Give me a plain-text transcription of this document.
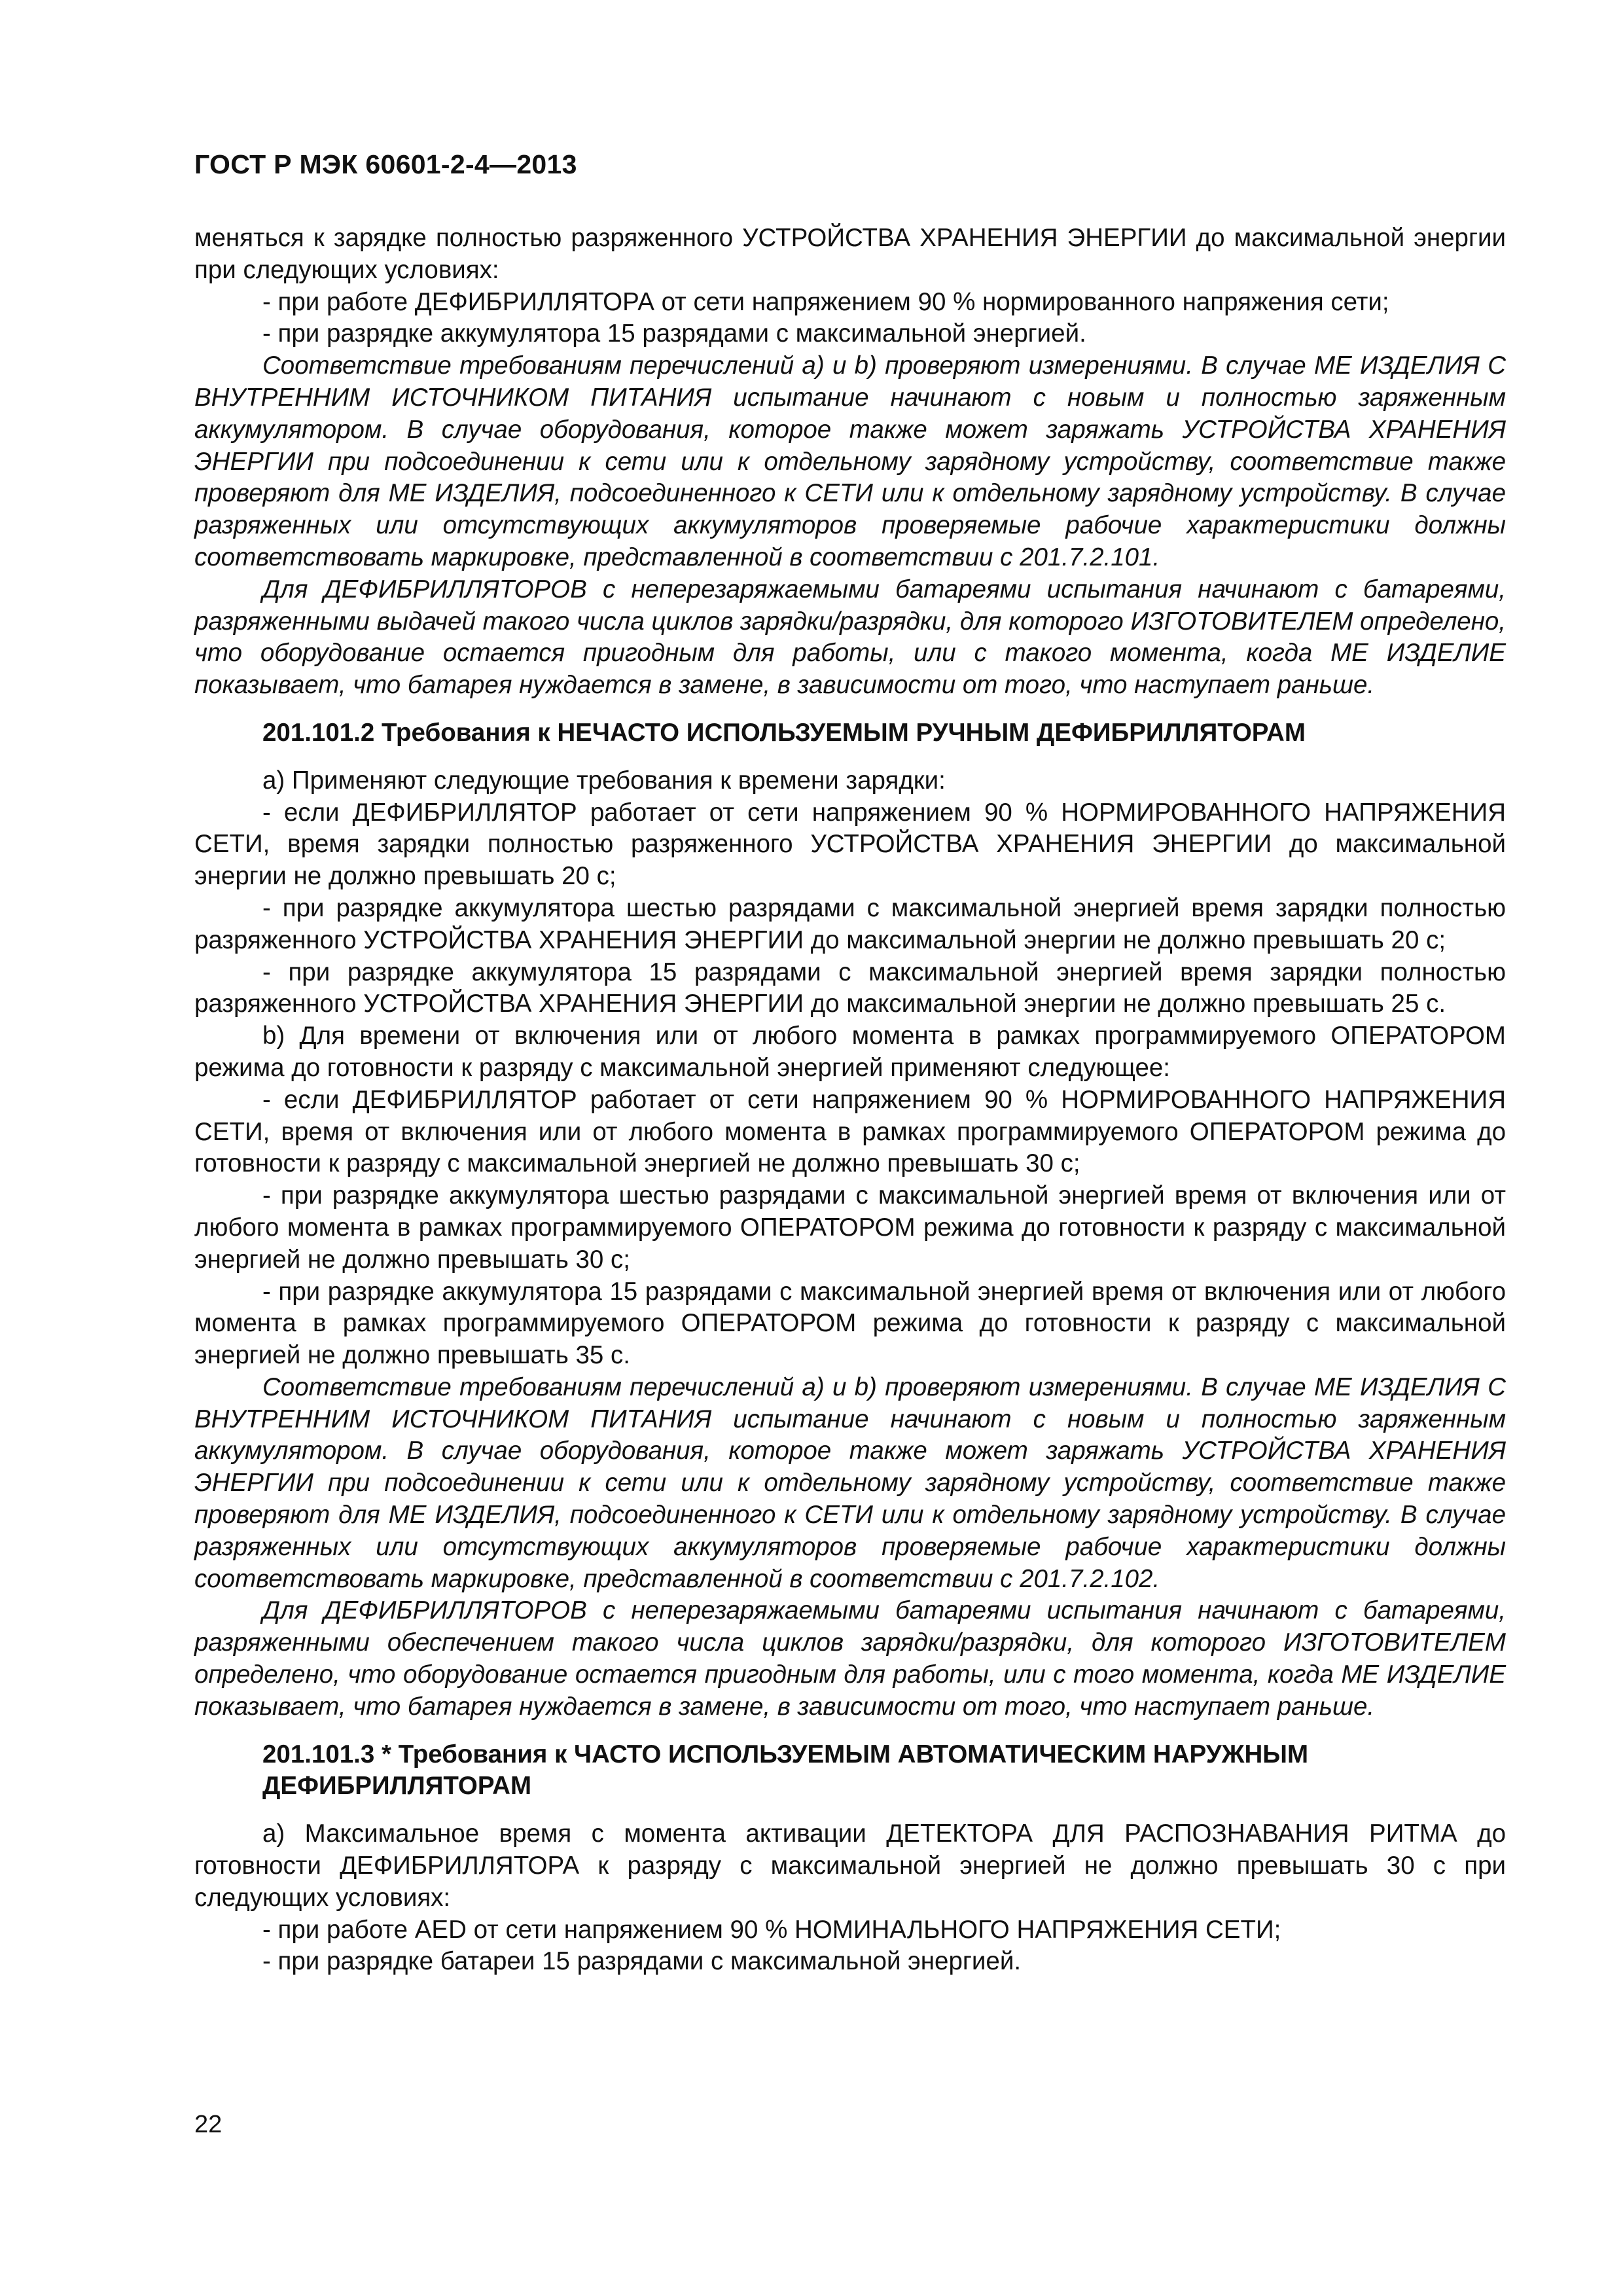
ГОСТ Р МЭК 60601-2-4—2013

меняться к зарядке полностью разряженного УСТРОЙСТВА ХРАНЕНИЯ ЭНЕРГИИ до максимальной энергии при следующих условиях:

- при работе ДЕФИБРИЛЛЯТОРА от сети напряжением 90 % нормированного напряжения сети;

- при разрядке аккумулятора 15 разрядами с максимальной энергией.

Соответствие требованиям перечислений a) и b) проверяют измерениями. В случае МЕ ИЗДЕЛИЯ С ВНУТРЕННИМ ИСТОЧНИКОМ ПИТАНИЯ испытание начинают с новым и полностью заряженным аккумулятором. В случае оборудования, которое также может заряжать УСТРОЙСТВА ХРАНЕНИЯ ЭНЕРГИИ при подсоединении к сети или к отдельному зарядному устройству, соответствие также проверяют для МЕ ИЗДЕЛИЯ, подсоединенного к СЕТИ или к отдельному зарядному устройству. В случае разряженных или отсутствующих аккумуляторов проверяемые рабочие характеристики должны соответствовать маркировке, представленной в соответствии с 201.7.2.101.

Для ДЕФИБРИЛЛЯТОРОВ с неперезаряжаемыми батареями испытания начинают с батареями, разряженными выдачей такого числа циклов зарядки/разрядки, для которого ИЗГОТОВИТЕЛЕМ определено, что оборудование остается пригодным для работы, или с такого момента, когда МЕ ИЗДЕЛИЕ показывает, что батарея нуждается в замене, в зависимости от того, что наступает раньше.

201.101.2 Требования к НЕЧАСТО ИСПОЛЬЗУЕМЫМ РУЧНЫМ ДЕФИБРИЛЛЯТОРАМ

a) Применяют следующие требования к времени зарядки:

- если ДЕФИБРИЛЛЯТОР работает от сети напряжением 90 % НОРМИРОВАННОГО НАПРЯЖЕНИЯ СЕТИ, время зарядки полностью разряженного УСТРОЙСТВА ХРАНЕНИЯ ЭНЕРГИИ до максимальной энергии не должно превышать 20 с;

- при разрядке аккумулятора шестью разрядами с максимальной энергией время зарядки полностью разряженного УСТРОЙСТВА ХРАНЕНИЯ ЭНЕРГИИ до максимальной энергии не должно превышать 20 с;

- при разрядке аккумулятора 15 разрядами с максимальной энергией время зарядки полностью разряженного УСТРОЙСТВА ХРАНЕНИЯ ЭНЕРГИИ до максимальной энергии не должно превышать 25 с.

b) Для времени от включения или от любого момента в рамках программируемого ОПЕРАТОРОМ режима до готовности к разряду с максимальной энергией применяют следующее:

- если ДЕФИБРИЛЛЯТОР работает от сети напряжением 90 % НОРМИРОВАННОГО НАПРЯЖЕНИЯ СЕТИ, время от включения или от любого момента в рамках программируемого ОПЕРАТОРОМ режима до готовности к разряду с максимальной энергией не должно превышать 30 с;

- при разрядке аккумулятора шестью разрядами с максимальной энергией время от включения или от любого момента в рамках программируемого ОПЕРАТОРОМ режима до готовности к разряду с максимальной энергией не должно превышать 30 с;

- при разрядке аккумулятора 15 разрядами с максимальной энергией время от включения или от любого момента в рамках программируемого ОПЕРАТОРОМ режима до готовности к разряду с максимальной энергией не должно превышать 35 с.

Соответствие требованиям перечислений a) и b) проверяют измерениями. В случае МЕ ИЗДЕЛИЯ С ВНУТРЕННИМ ИСТОЧНИКОМ ПИТАНИЯ испытание начинают с новым и полностью заряженным аккумулятором. В случае оборудования, которое также может заряжать УСТРОЙСТВА ХРАНЕНИЯ ЭНЕРГИИ при подсоединении к сети или к отдельному зарядному устройству, соответствие также проверяют для МЕ ИЗДЕЛИЯ, подсоединенного к СЕТИ или к отдельному зарядному устройству. В случае разряженных или отсутствующих аккумуляторов проверяемые рабочие характеристики должны соответствовать маркировке, представленной в соответствии с 201.7.2.102.

Для ДЕФИБРИЛЛЯТОРОВ с неперезаряжаемыми батареями испытания начинают с батареями, разряженными обеспечением такого числа циклов зарядки/разрядки, для которого ИЗГОТОВИТЕЛЕМ определено, что оборудование остается пригодным для работы, или с того момента, когда МЕ ИЗДЕЛИЕ показывает, что батарея нуждается в замене, в зависимости от того, что наступает раньше.

201.101.3 * Требования к ЧАСТО ИСПОЛЬЗУЕМЫМ АВТОМАТИЧЕСКИМ НАРУЖНЫМ ДЕФИБРИЛЛЯТОРАМ

a) Максимальное время с момента активации ДЕТЕКТОРА ДЛЯ РАСПОЗНАВАНИЯ РИТМА до готовности ДЕФИБРИЛЛЯТОРА к разряду с максимальной энергией не должно превышать 30 с при следующих условиях:

- при работе AED от сети напряжением 90 % НОМИНАЛЬНОГО НАПРЯЖЕНИЯ СЕТИ;

- при разрядке батареи 15 разрядами с максимальной энергией.

22
